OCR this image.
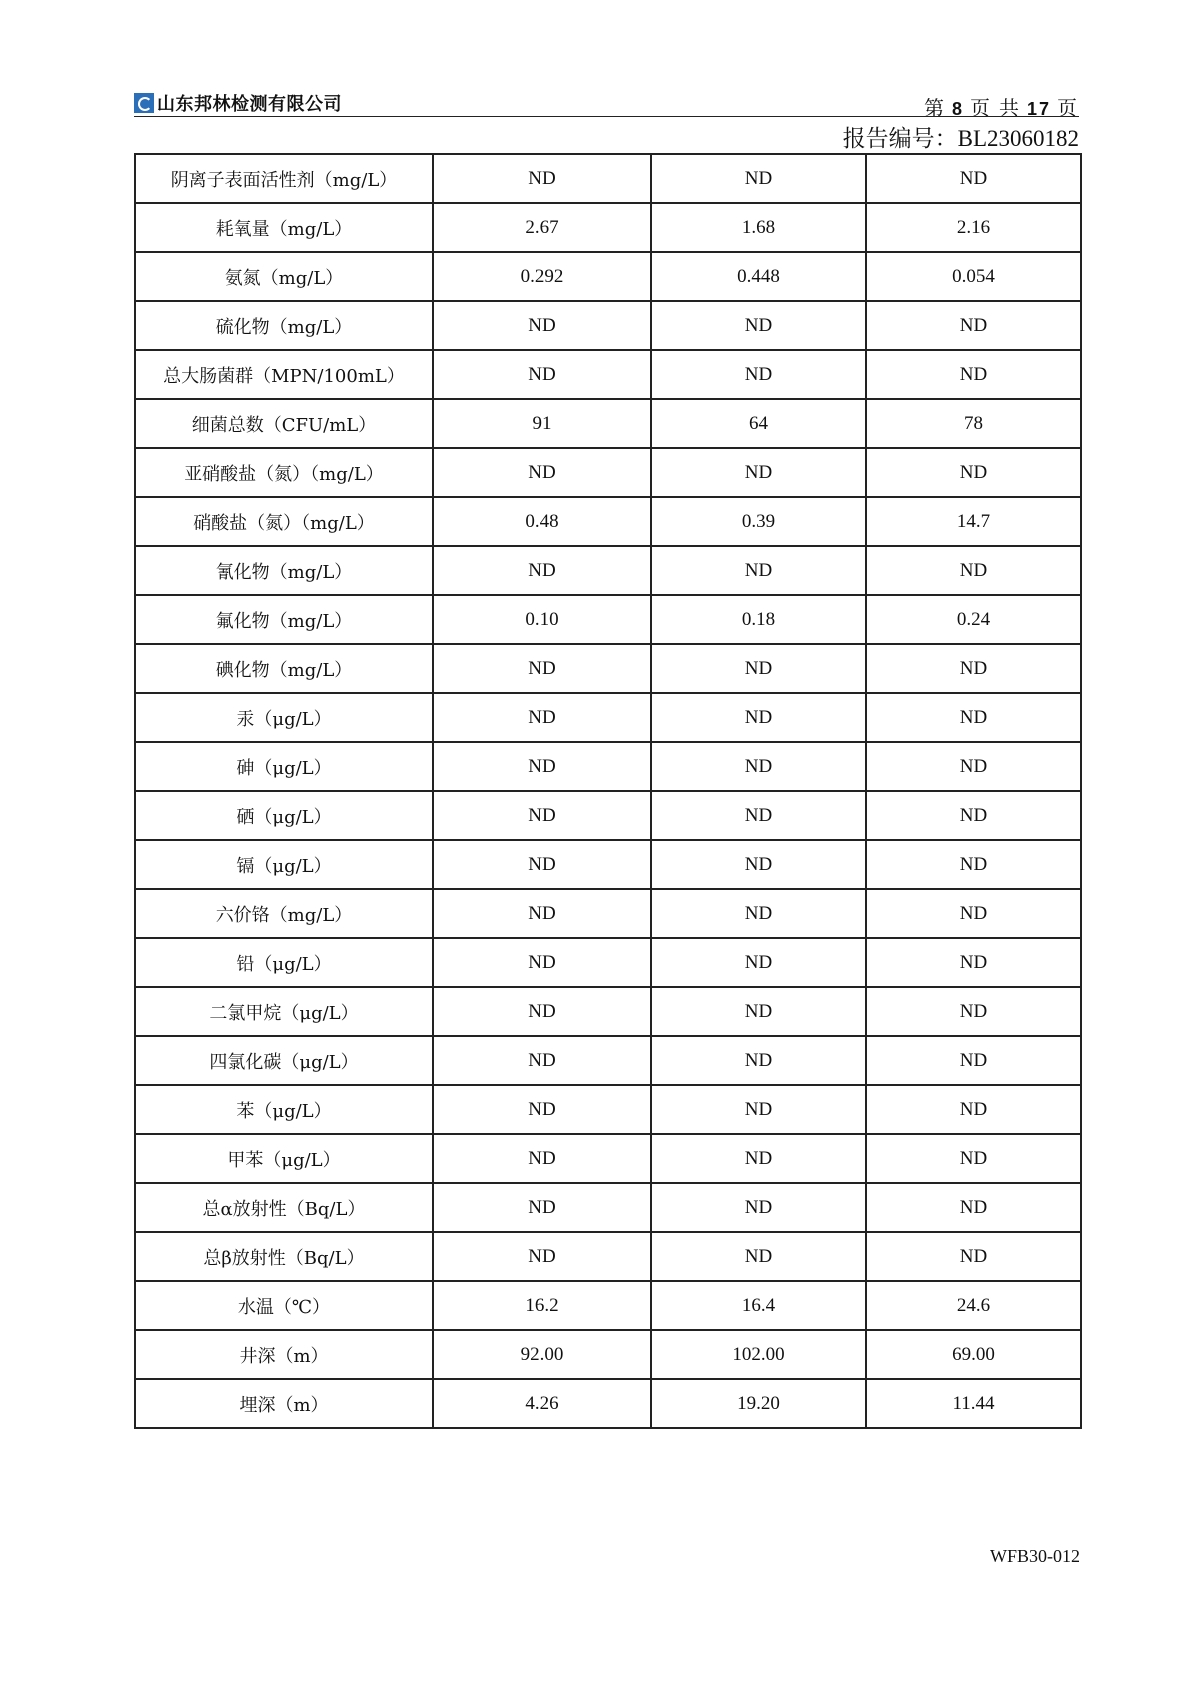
山东邦林检测有限公司	第 8 页 共 17 页
报告编号：BL23060182
阴离子表面活性剂（mg/L）	ND	ND	ND
耗氧量（mg/L）	2.67	1.68	2.16
氨氮（mg/L）	0.292	0.448	0.054
硫化物（mg/L）	ND	ND	ND
总大肠菌群（MPN/100mL）	ND	ND	ND
细菌总数（CFU/mL）	91	64	78
亚硝酸盐（氮）（mg/L）	ND	ND	ND
硝酸盐（氮）（mg/L）	0.48	0.39	14.7
氰化物（mg/L）	ND	ND	ND
氟化物（mg/L）	0.10	0.18	0.24
碘化物（mg/L）	ND	ND	ND
汞（μg/L）	ND	ND	ND
砷（μg/L）	ND	ND	ND
硒（μg/L）	ND	ND	ND
镉（μg/L）	ND	ND	ND
六价铬（mg/L）	ND	ND	ND
铅（μg/L）	ND	ND	ND
二氯甲烷（μg/L）	ND	ND	ND
四氯化碳（μg/L）	ND	ND	ND
苯（μg/L）	ND	ND	ND
甲苯（μg/L）	ND	ND	ND
总α放射性（Bq/L）	ND	ND	ND
总β放射性（Bq/L）	ND	ND	ND
水温（℃）	16.2	16.4	24.6
井深（m）	92.00	102.00	69.00
埋深（m）	4.26	19.20	11.44
WFB30-012
